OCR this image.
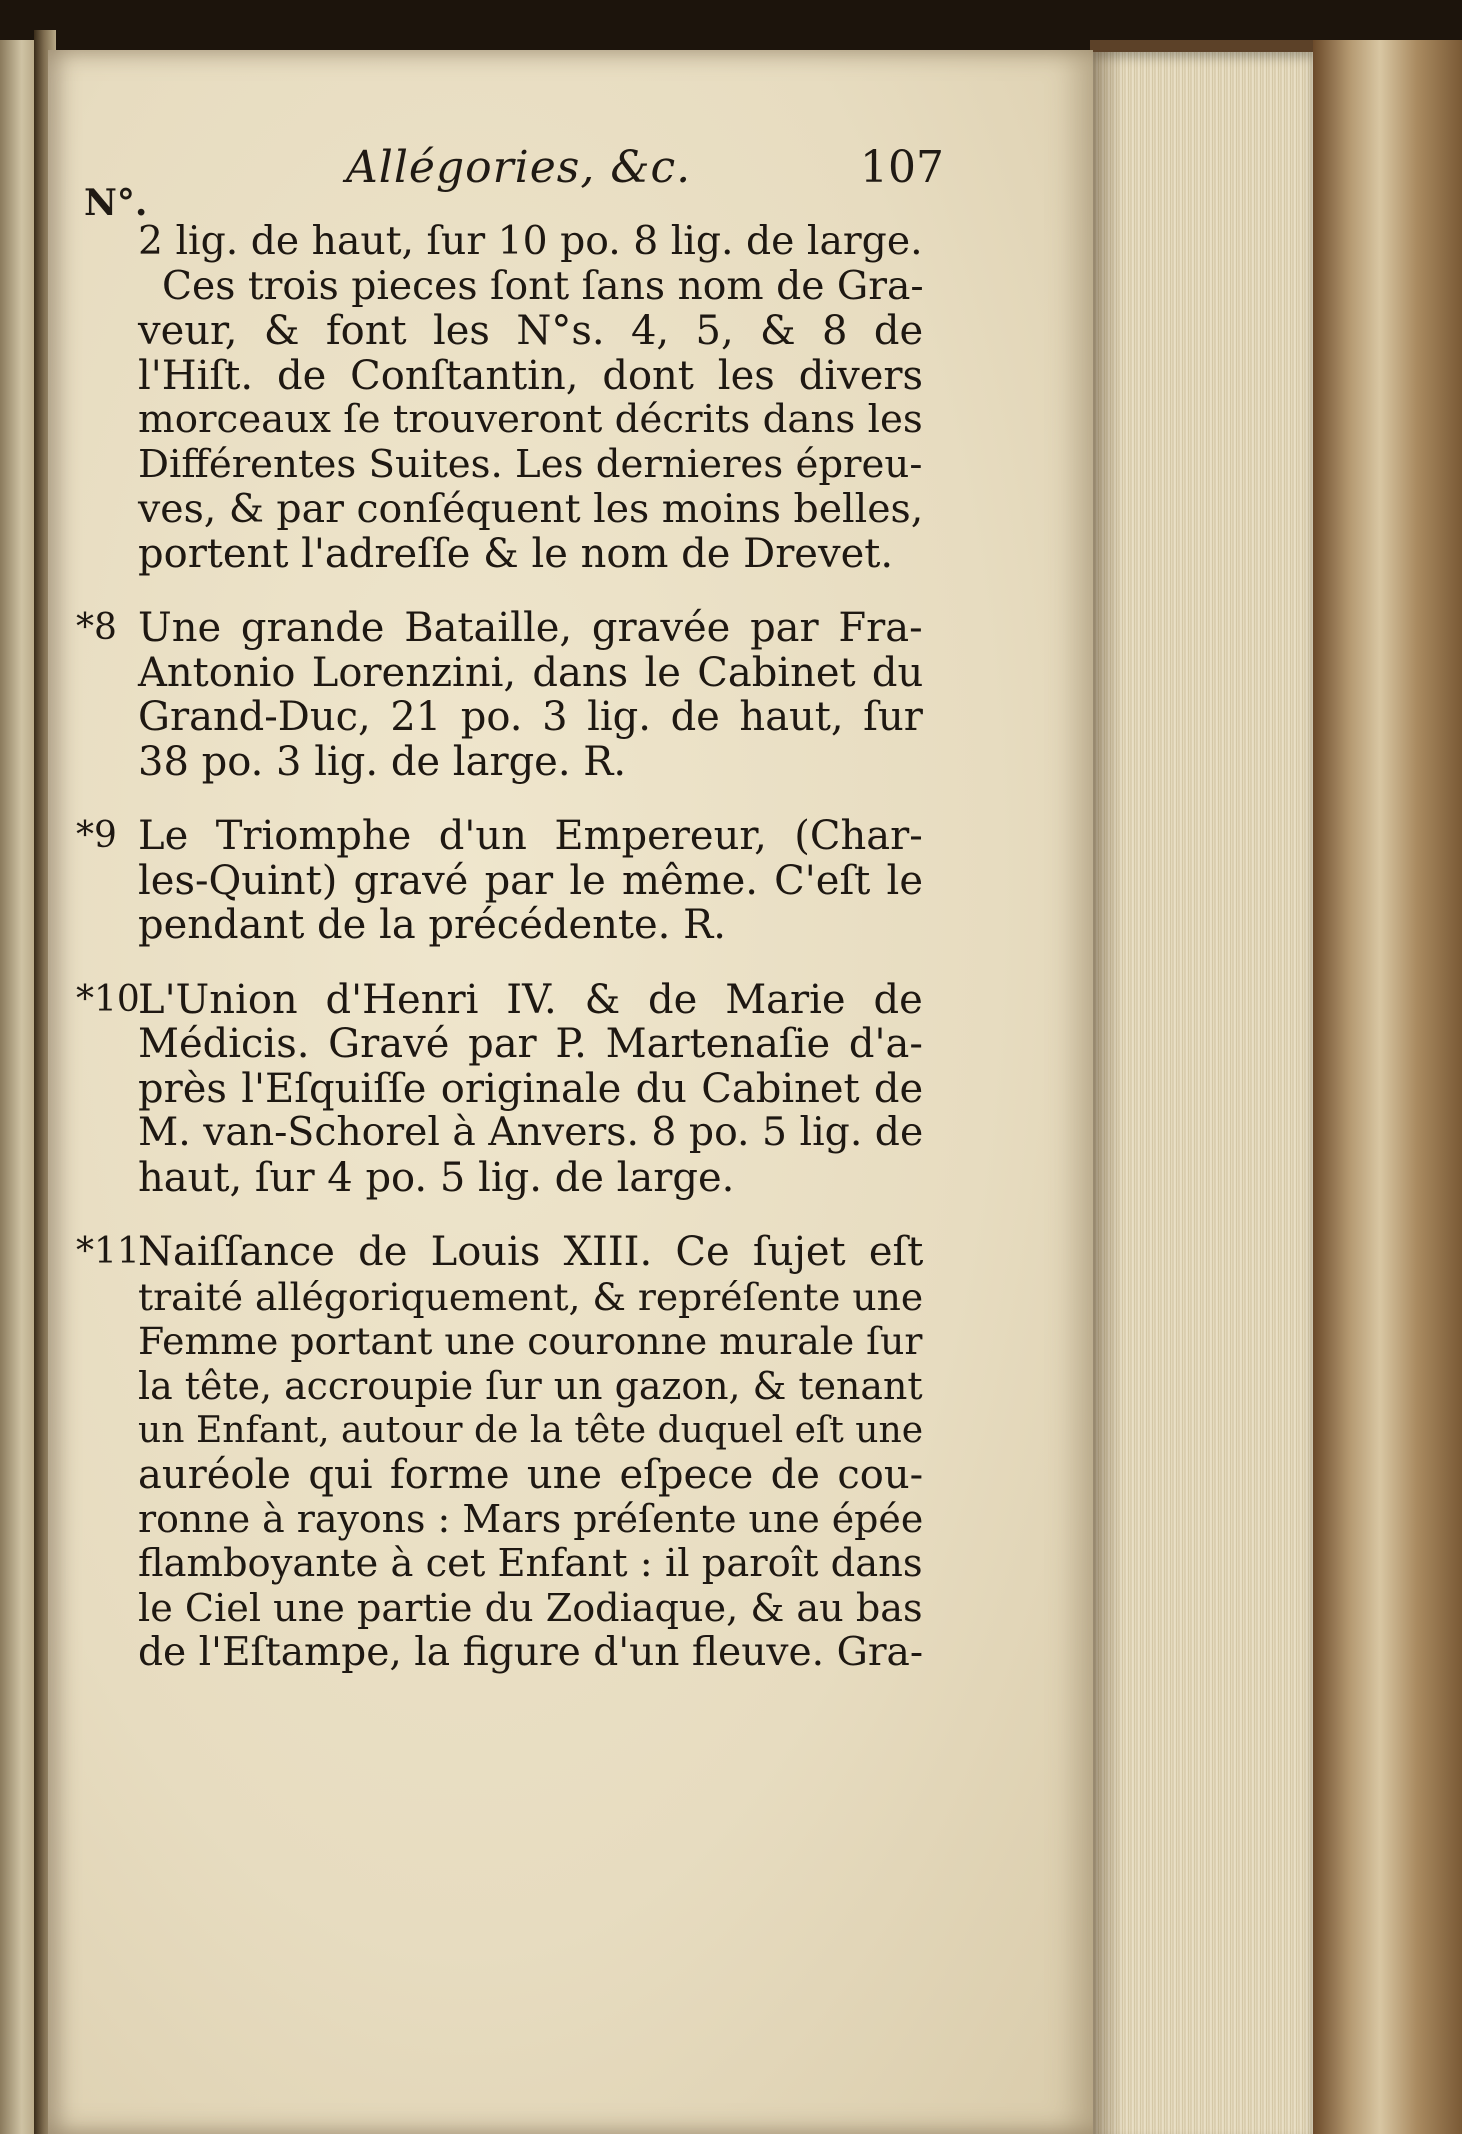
N°.
Allégories, &c.	107
2 lig. de haut, ſur 10 po. 8 lig. de large.
Ces trois pieces ſont ſans nom de Gra-
veur, & font les N°s. 4, 5, & 8 de
l'Hiſt. de Conſtantin, dont les divers
morceaux ſe trouveront décrits dans les
Différentes Suites. Les dernieres épreu-
ves, & par conſéquent les moins belles,
portent l'adreſſe & le nom de Drevet.
*8 Une grande Bataille, gravée par Fra-
Antonio Lorenzini, dans le Cabinet du
Grand-Duc, 21 po. 3 lig. de haut, ſur
38 po. 3 lig. de large. R.
*9 Le Triomphe d'un Empereur, (Char-
les-Quint) gravé par le même. C'eſt le
pendant de la précédente. R.
*10
L'Union d'Henri IV. & de Marie de
Médicis. Gravé par P. Martenaſie d'a-
près l'Eſquiſſe originale du Cabinet de
M. van-Schorel à Anvers. 8 po. 5 lig. de
haut, ſur 4 po. 5 lig. de large.
*11
Naiſſance de Louis XIII. Ce ſujet eſt
traité allégoriquement, & repréſente une
Femme portant une couronne murale ſur
la tête, accroupie ſur un gazon, & tenant
un Enfant, autour de la tête duquel eſt une
auréole qui forme une eſpece de cou-
ronne à rayons : Mars préſente une épée
flamboyante à cet Enfant : il paroît dans
le Ciel une partie du Zodiaque, & au bas
de l'Eſtampe, la figure d'un fleuve. Gra-
